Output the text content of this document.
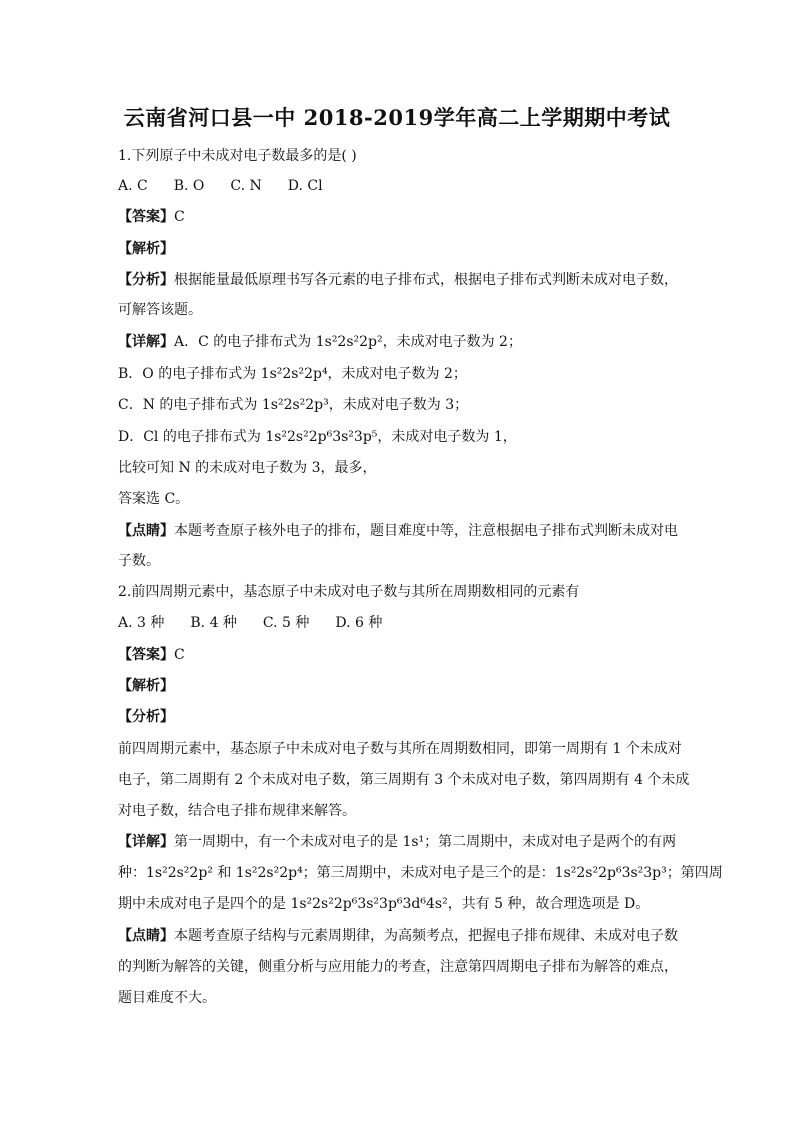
云南省河口县一中 2018-2019学年高二上学期期中考试
1.下列原子中未成对电子数最多的是( )
A. C B. O C. N D. Cl
【答案】C
【解析】
【分析】根据能量最低原理书写各元素的电子排布式，根据电子排布式判断未成对电子数，
可解答该题。
【详解】A．C 的电子排布式为 1s²2s²2p²，未成对电子数为 2；
B．O 的电子排布式为 1s²2s²2p⁴，未成对电子数为 2；
C．N 的电子排布式为 1s²2s²2p³，未成对电子数为 3；
D．Cl 的电子排布式为 1s²2s²2p⁶3s²3p⁵，未成对电子数为 1，
比较可知 N 的未成对电子数为 3，最多，
答案选 C。
【点睛】本题考查原子核外电子的排布，题目难度中等，注意根据电子排布式判断未成对电
子数。
2.前四周期元素中，基态原子中未成对电子数与其所在周期数相同的元素有
A. 3 种 B. 4 种 C. 5 种 D. 6 种
【答案】C
【解析】
【分析】
前四周期元素中，基态原子中未成对电子数与其所在周期数相同，即第一周期有 1 个未成对
电子，第二周期有 2 个未成对电子数，第三周期有 3 个未成对电子数，第四周期有 4 个未成
对电子数，结合电子排布规律来解答。
【详解】第一周期中，有一个未成对电子的是 1s¹；第二周期中，未成对电子是两个的有两
种：1s²2s²2p² 和 1s²2s²2p⁴；第三周期中，未成对电子是三个的是：1s²2s²2p⁶3s²3p³；第四周
期中未成对电子是四个的是 1s²2s²2p⁶3s²3p⁶3d⁶4s²，共有 5 种，故合理选项是 D。
【点睛】本题考查原子结构与元素周期律，为高频考点，把握电子排布规律、未成对电子数
的判断为解答的关键，侧重分析与应用能力的考查，注意第四周期电子排布为解答的难点，
题目难度不大。
